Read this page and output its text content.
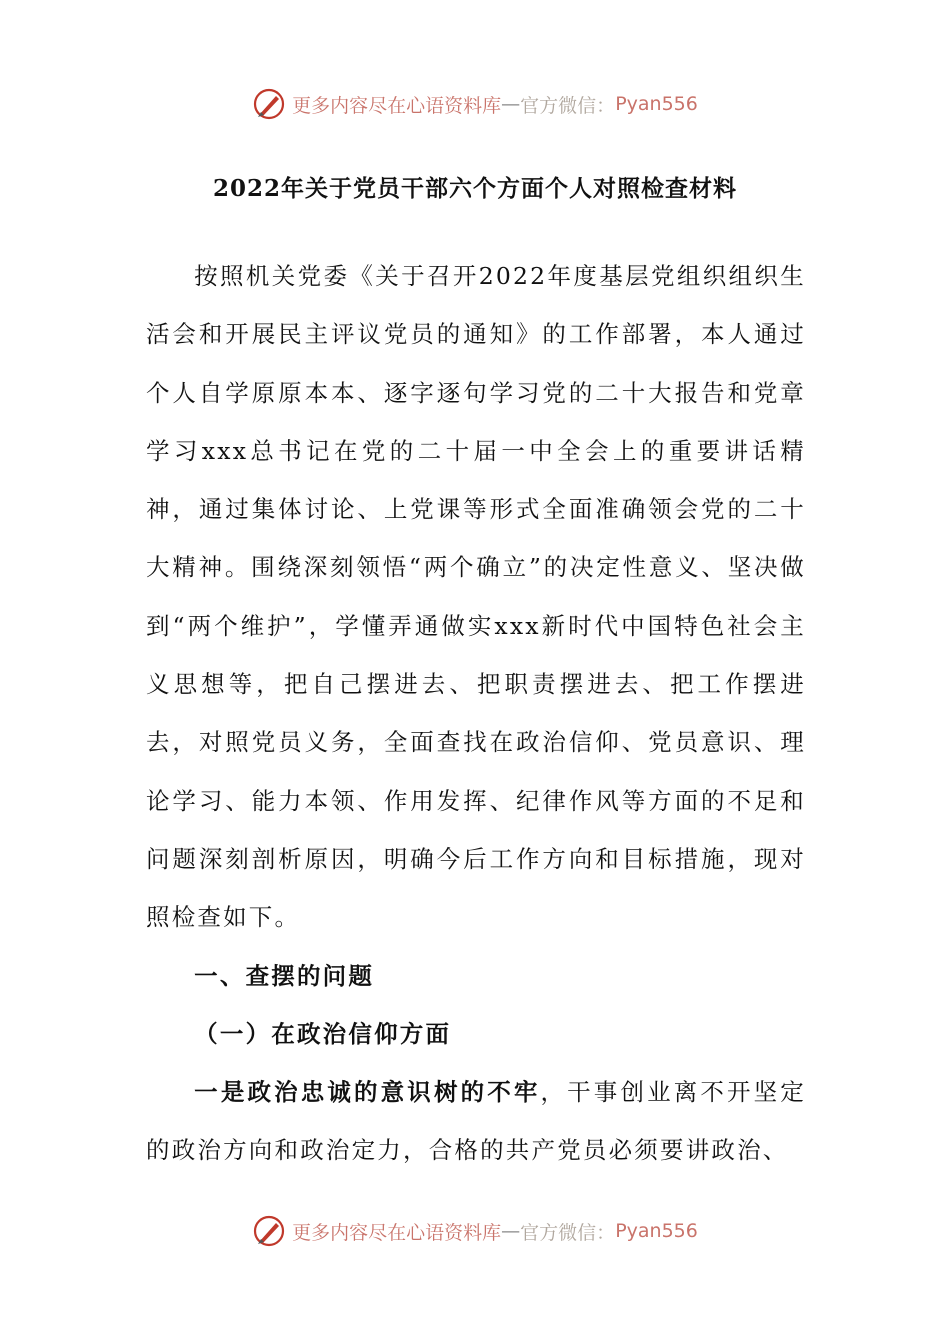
更多内容尽在心语资料库 — 官方微信： Pyan556
2022年关于党员干部六个方面个人对照检查材料

按照机关党委《关于召开2022年度基层党组织组织生活会和开展民主评议党员的通知》的工作部署，本人通过个人自学原原本本、逐字逐句学习党的二十大报告和党章学习xxx总书记在党的二十届一中全会上的重要讲话精神，通过集体讨论、上党课等形式全面准确领会党的二十大精神。围绕深刻领悟“两个确立”的决定性意义、坚决做到“两个维护”，学懂弄通做实xxx新时代中国特色社会主义思想等，把自己摆进去、把职责摆进去、把工作摆进去，对照党员义务，全面查找在政治信仰、党员意识、理论学习、能力本领、作用发挥、纪律作风等方面的不足和问题深刻剖析原因，明确今后工作方向和目标措施，现对照检查如下。

一、查摆的问题

（一）在政治信仰方面

一是政治忠诚的意识树的不牢，干事创业离不开坚定的政治方向和政治定力，合格的共产党员必须要讲政治、

更多内容尽在心语资料库 — 官方微信： Pyan556
